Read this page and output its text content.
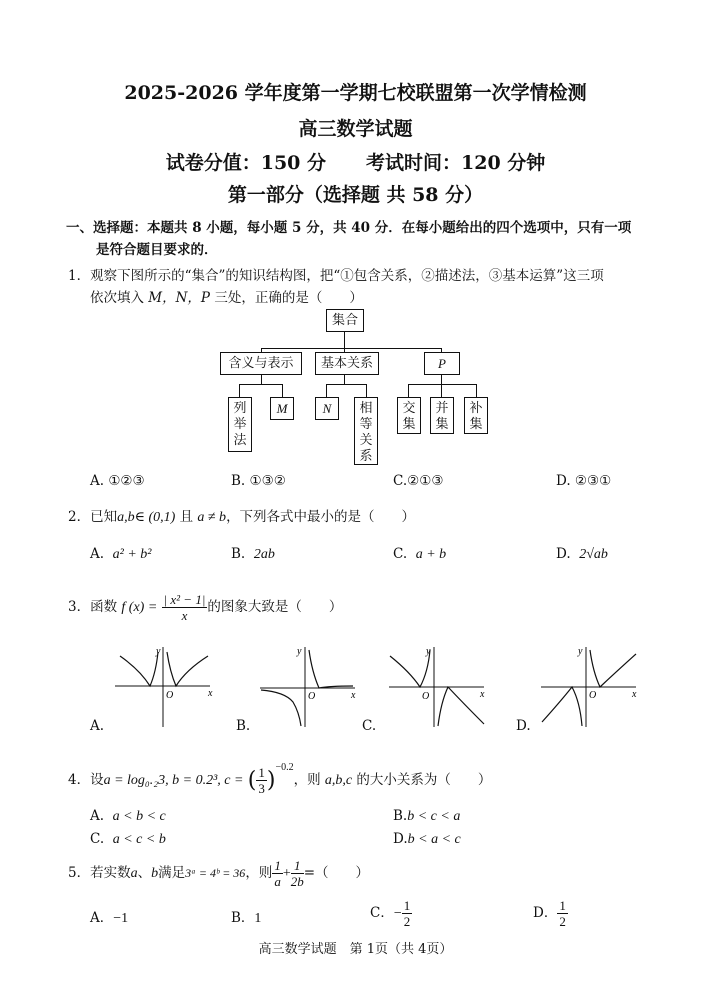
2025-2026 学年度第一学期七校联盟第一次学情检测
高三数学试题
试卷分值：150 分 考试时间：120 分钟
第一部分（选择题 共 58 分）
一、选择题：本题共 8 小题，每小题 5 分，共 40 分．在每小题给出的四个选项中，只有一项
是符合题目要求的．
1．观察下图所示的“集合”的知识结构图，把“①包含关系，②描述法，③基本运算”这三项
依次填入 M，N，P 三处，正确的是（　　）
集合
含义与表示	基本关系	P
列
举
法
M	N	相
等
关
系
交
集
并
集
补
集
A. ①②③	B. ①③②	C.②①③	D. ②③①
2．已知a,b∈ (0,1) 且 a ≠ b，下列各式中最小的是（　　）
A. a² + b²	B. 2ab	C. a + b	D. 2√ab
3．函数 f $(x) = \frac{\text{| x² − 1|}}{x}$ 的图象大致是（　　）
y
x
O
y
x
O
y
x
O
y
x
O
A.	B.	C.	D.
4．设a = log₀.₂3, b = 0.2³, c = ( $\frac{1}{3} )^{-0.2}$，则 a,b,c 的大小关系为（　　）
A. a < b < c	B.b < c < a
C. a < c < b	D.b < a < c
5．若实数a、b满足3ᵃ = 4ᵇ = 36，则 $\frac{1}{a} + \frac{1}{2b}$ =（　　）
A．−1	B．1	C．− $\frac{1}{2}$	D． $\frac{1}{2}$
高三数学试题　第 1页（共 4页）
